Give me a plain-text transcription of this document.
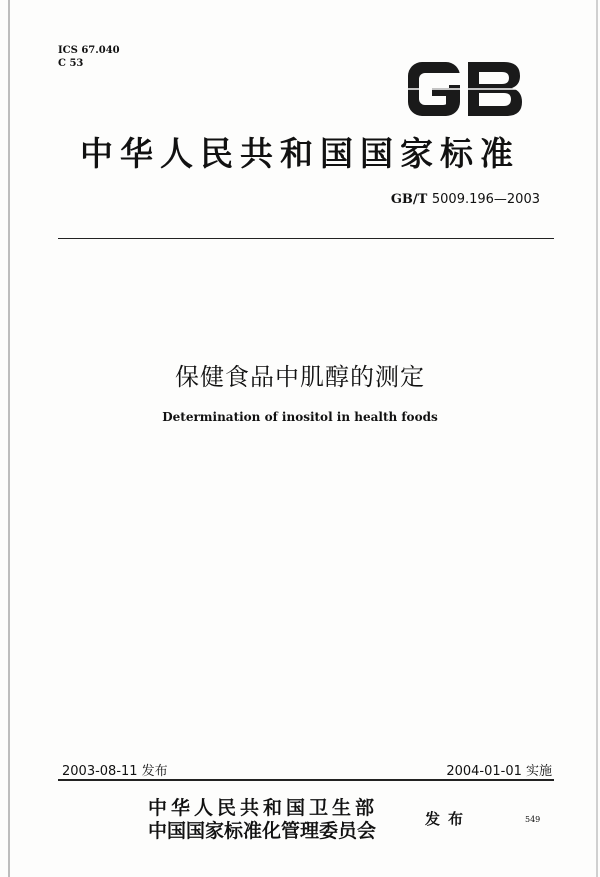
ICS 67.040
C 53
中华人民共和国国家标准
GB/T 5009.196—2003
保健食品中肌醇的测定
Determination of inositol in health foods
2003-08-11 发布	2004-01-01 实施
中华人民共和国卫生部
中国国家标准化管理委员会
发布	549
